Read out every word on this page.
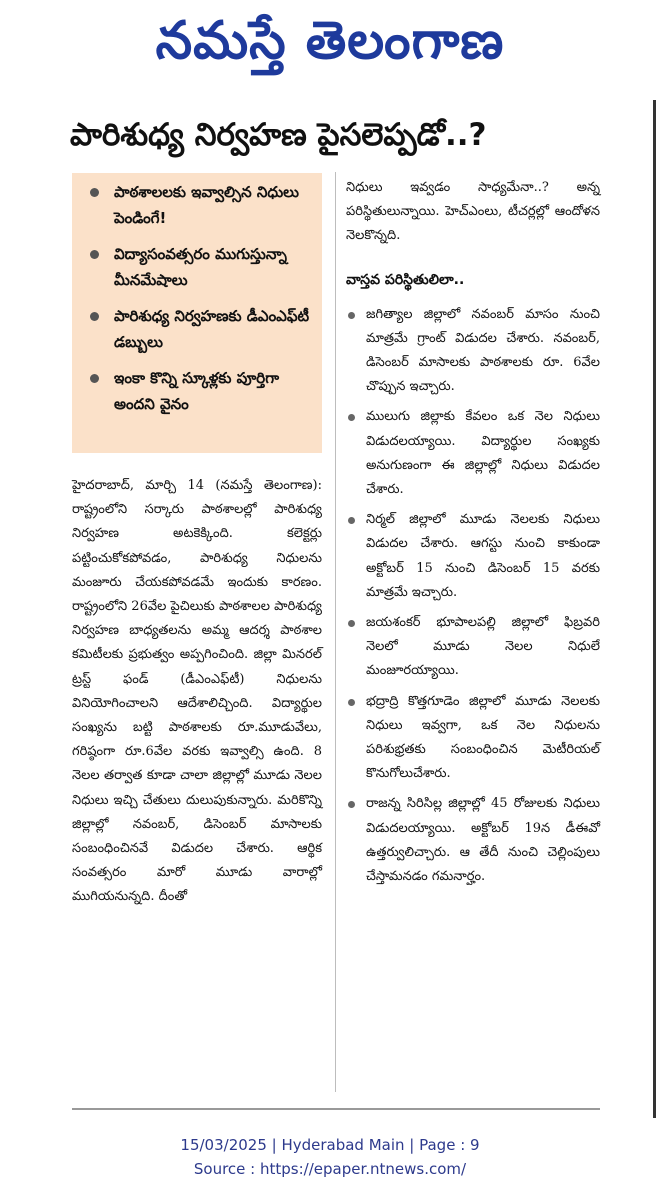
నమస్తే తెలంగాణ
పారిశుధ్య నిర్వహణ పైసలెప్పడో..?
పాఠశాలలకు ఇవ్వాల్సిన నిధులు పెండింగే!
విద్యాసంవత్సరం ముగుస్తున్నా మీనమేషాలు
పారిశుధ్య నిర్వహణకు డీఎంఎఫ్‌టీ డబ్బులు
ఇంకా కొన్ని స్కూళ్లకు పూర్తిగా అందని వైనం
హైదరాబాద్, మార్చి 14 (నమస్తే తెలంగాణ): రాష్ట్రంలోని సర్కారు పాఠశాలల్లో పారిశుధ్య నిర్వహణ అటకెక్కింది. కలెక్టర్లు పట్టించుకోకపోవడం, పారిశుధ్య నిధులను మంజూరు చేయకపోవడమే ఇందుకు కారణం. రాష్ట్రంలోని 26వేల పైచిలుకు పాఠశాలల పారిశుధ్య నిర్వహణ బాధ్యతలను అమ్మ ఆదర్శ పాఠశాల కమిటీలకు ప్రభుత్వం అప్పగించింది. జిల్లా మినరల్ ట్రస్ట్ ఫండ్ (డీఎంఎఫ్‌టీ) నిధులను వినియోగించాలని ఆదేశాలిచ్చింది. విద్యార్థుల సంఖ్యను బట్టి పాఠశాలకు రూ.మూడువేలు, గరిష్ఠంగా రూ.6వేల వరకు ఇవ్వాల్సి ఉంది. 8 నెలల తర్వాత కూడా చాలా జిల్లాల్లో మూడు నెలల నిధులు ఇచ్చి చేతులు దులుపుకున్నారు. మరికొన్ని జిల్లాల్లో నవంబర్, డిసెంబర్ మాసాలకు సంబంధించినవే విడుదల చేశారు. ఆర్థిక సంవత్సరం మారో మూడు వారాల్లో ముగియనున్నది. దీంతో

నిధులు ఇవ్వడం సాధ్యమేనా..? అన్న పరిస్థితులున్నాయి. హెచ్‌ఎంలు, టీచర్లల్లో ఆందోళన నెలకొన్నది.

వాస్తవ పరిస్థితులిలా..
జగిత్యాల జిల్లాలో నవంబర్ మాసం నుంచి మాత్రమే గ్రాంట్ విడుదల చేశారు. నవంబర్, డిసెంబర్ మాసాలకు పాఠశాలకు రూ. 6వేల చొప్పున ఇచ్చారు.
ములుగు జిల్లాకు కేవలం ఒక నెల నిధులు విడుదలయ్యాయి. విద్యార్థుల సంఖ్యకు అనుగుణంగా ఈ జిల్లాల్లో నిధులు విడుదల చేశారు.
నిర్మల్ జిల్లాలో మూడు నెలలకు నిధులు విడుదల చేశారు. ఆగస్టు నుంచి కాకుండా అక్టోబర్ 15 నుంచి డిసెంబర్ 15 వరకు మాత్రమే ఇచ్చారు.
జయశంకర్ భూపాలపల్లి జిల్లాలో ఫిబ్రవరి నెలలో మూడు నెలల నిధులే మంజూరయ్యాయి.
భద్రాద్రి కొత్తగూడెం జిల్లాలో మూడు నెలలకు నిధులు ఇవ్వగా, ఒక నెల నిధులను పరిశుభ్రతకు సంబంధించిన మెటీరియల్ కొనుగోలుచేశారు.
రాజన్న సిరిసిల్ల జిల్లాల్లో 45 రోజులకు నిధులు విడుదలయ్యాయి. అక్టోబర్ 19న డీఈవో ఉత్తర్వులిచ్చారు. ఆ తేదీ నుంచి చెల్లింపులు చేస్తామనడం గమనార్హం.
15/03/2025 | Hyderabad Main | Page : 9
Source : https://epaper.ntnews.com/
